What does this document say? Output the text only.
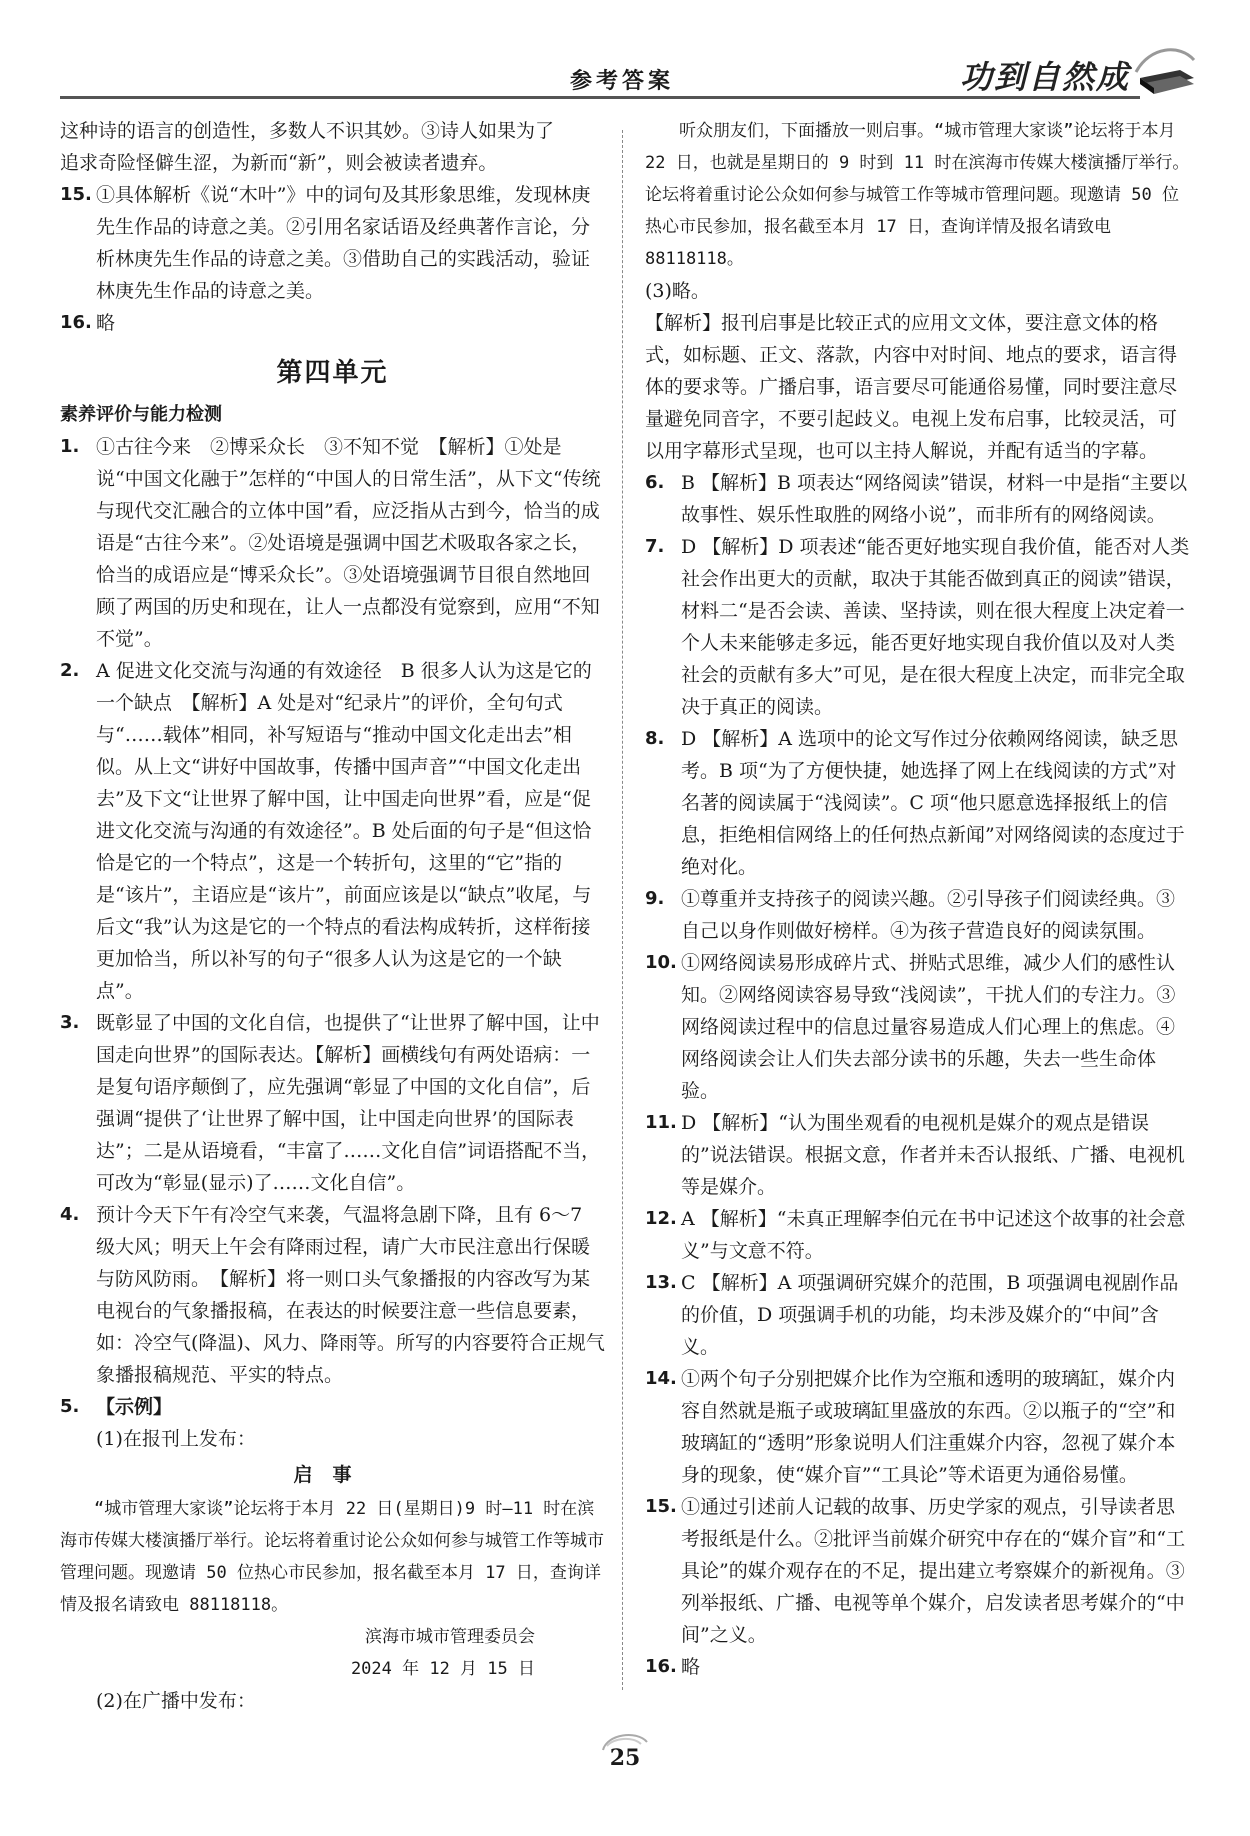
参考答案	功到自然成

这种诗的语言的创造性，多数人不识其妙。③诗人如果为了

追求奇险怪僻生涩，为新而“新”，则会被读者遗弃。

15. ①具体解析《说“木叶”》中的词句及其形象思维，发现林庚先生作品的诗意之美。②引用名家话语及经典著作言论，分析林庚先生作品的诗意之美。③借助自己的实践活动，验证林庚先生作品的诗意之美。
16. 略
第四单元

素养评价与能力检测

1. ①古往今来　②博采众长　③不知不觉　【解析】①处是说“中国文化融于”怎样的“中国人的日常生活”，从下文“传统与现代交汇融合的立体中国”看，应泛指从古到今，恰当的成语是“古往今来”。②处语境是强调中国艺术吸取各家之长，恰当的成语应是“博采众长”。③处语境强调节目很自然地回顾了两国的历史和现在，让人一点都没有觉察到，应用“不知不觉”。
2. A 促进文化交流与沟通的有效途径　B 很多人认为这是它的一个缺点　【解析】A 处是对“纪录片”的评价，全句句式与“……载体”相同，补写短语与“推动中国文化走出去”相似。从上文“讲好中国故事，传播中国声音”“中国文化走出去”及下文“让世界了解中国，让中国走向世界”看，应是“促进文化交流与沟通的有效途径”。B 处后面的句子是“但这恰恰是它的一个特点”，这是一个转折句，这里的“它”指的是“该片”，主语应是“该片”，前面应该是以“缺点”收尾，与后文“我”认为这是它的一个特点的看法构成转折，这样衔接更加恰当，所以补写的句子“很多人认为这是它的一个缺点”。
3. 既彰显了中国的文化自信，也提供了“让世界了解中国，让中国走向世界”的国际表达。【解析】画横线句有两处语病：一是复句语序颠倒了，应先强调“彰显了中国的文化自信”，后强调“提供了‘让世界了解中国，让中国走向世界’的国际表达”；二是从语境看，“丰富了……文化自信”词语搭配不当，可改为“彰显(显示)了……文化自信”。
4. 预计今天下午有冷空气来袭，气温将急剧下降，且有 6～7 级大风；明天上午会有降雨过程，请广大市民注意出行保暖与防风防雨。　【解析】将一则口头气象播报的内容改写为某电视台的气象播报稿，在表达的时候要注意一些信息要素，如：冷空气(降温)、风力、降雨等。所写的内容要符合正规气象播报稿规范、平实的特点。
5. 【示例】

(1)在报刊上发布：

启事

“城市管理大家谈”论坛将于本月 22 日(星期日)9 时—11 时在滨海市传媒大楼演播厅举行。论坛将着重讨论公众如何参与城管工作等城市管理问题。现邀请 50 位热心市民参加，报名截至本月 17 日，查询详情及报名请致电 88118118。

滨海市城市管理委员会

2024 年 12 月 15 日

(2)在广播中发布：

听众朋友们，下面播放一则启事。“城市管理大家谈”论坛将于本月 22 日，也就是星期日的 9 时到 11 时在滨海市传媒大楼演播厅举行。论坛将着重讨论公众如何参与城管工作等城市管理问题。现邀请 50 位热心市民参加，报名截至本月 17 日，查询详情及报名请致电 88118118。

(3)略。

【解析】报刊启事是比较正式的应用文文体，要注意文体的格式，如标题、正文、落款，内容中对时间、地点的要求，语言得体的要求等。广播启事，语言要尽可能通俗易懂，同时要注意尽量避免同音字，不要引起歧义。电视上发布启事，比较灵活，可以用字幕形式呈现，也可以主持人解说，并配有适当的字幕。

6. B 【解析】B 项表达“网络阅读”错误，材料一中是指“主要以故事性、娱乐性取胜的网络小说”，而非所有的网络阅读。
7. D 【解析】D 项表述“能否更好地实现自我价值，能否对人类社会作出更大的贡献，取决于其能否做到真正的阅读”错误，材料二“是否会读、善读、坚持读，则在很大程度上决定着一个人未来能够走多远，能否更好地实现自我价值以及对人类社会的贡献有多大”可见，是在很大程度上决定，而非完全取决于真正的阅读。
8. D 【解析】A 选项中的论文写作过分依赖网络阅读，缺乏思考。B 项“为了方便快捷，她选择了网上在线阅读的方式”对名著的阅读属于“浅阅读”。C 项“他只愿意选择报纸上的信息，拒绝相信网络上的任何热点新闻”对网络阅读的态度过于绝对化。
9. ①尊重并支持孩子的阅读兴趣。②引导孩子们阅读经典。③自己以身作则做好榜样。④为孩子营造良好的阅读氛围。
10. ①网络阅读易形成碎片式、拼贴式思维，减少人们的感性认知。②网络阅读容易导致“浅阅读”，干扰人们的专注力。③网络阅读过程中的信息过量容易造成人们心理上的焦虑。④网络阅读会让人们失去部分读书的乐趣，失去一些生命体验。
11. D 【解析】“认为围坐观看的电视机是媒介的观点是错误的”说法错误。根据文意，作者并未否认报纸、广播、电视机等是媒介。
12. A 【解析】“未真正理解李伯元在书中记述这个故事的社会意义”与文意不符。
13. C 【解析】A 项强调研究媒介的范围，B 项强调电视剧作品的价值，D 项强调手机的功能，均未涉及媒介的“中间”含义。
14. ①两个句子分别把媒介比作为空瓶和透明的玻璃缸，媒介内容自然就是瓶子或玻璃缸里盛放的东西。②以瓶子的“空”和玻璃缸的“透明”形象说明人们注重媒介内容，忽视了媒介本身的现象，使“媒介盲”“工具论”等术语更为通俗易懂。
15. ①通过引述前人记载的故事、历史学家的观点，引导读者思考报纸是什么。②批评当前媒介研究中存在的“媒介盲”和“工具论”的媒介观存在的不足，提出建立考察媒介的新视角。③列举报纸、广播、电视等单个媒介，启发读者思考媒介的“中间”之义。
16. 略
25
